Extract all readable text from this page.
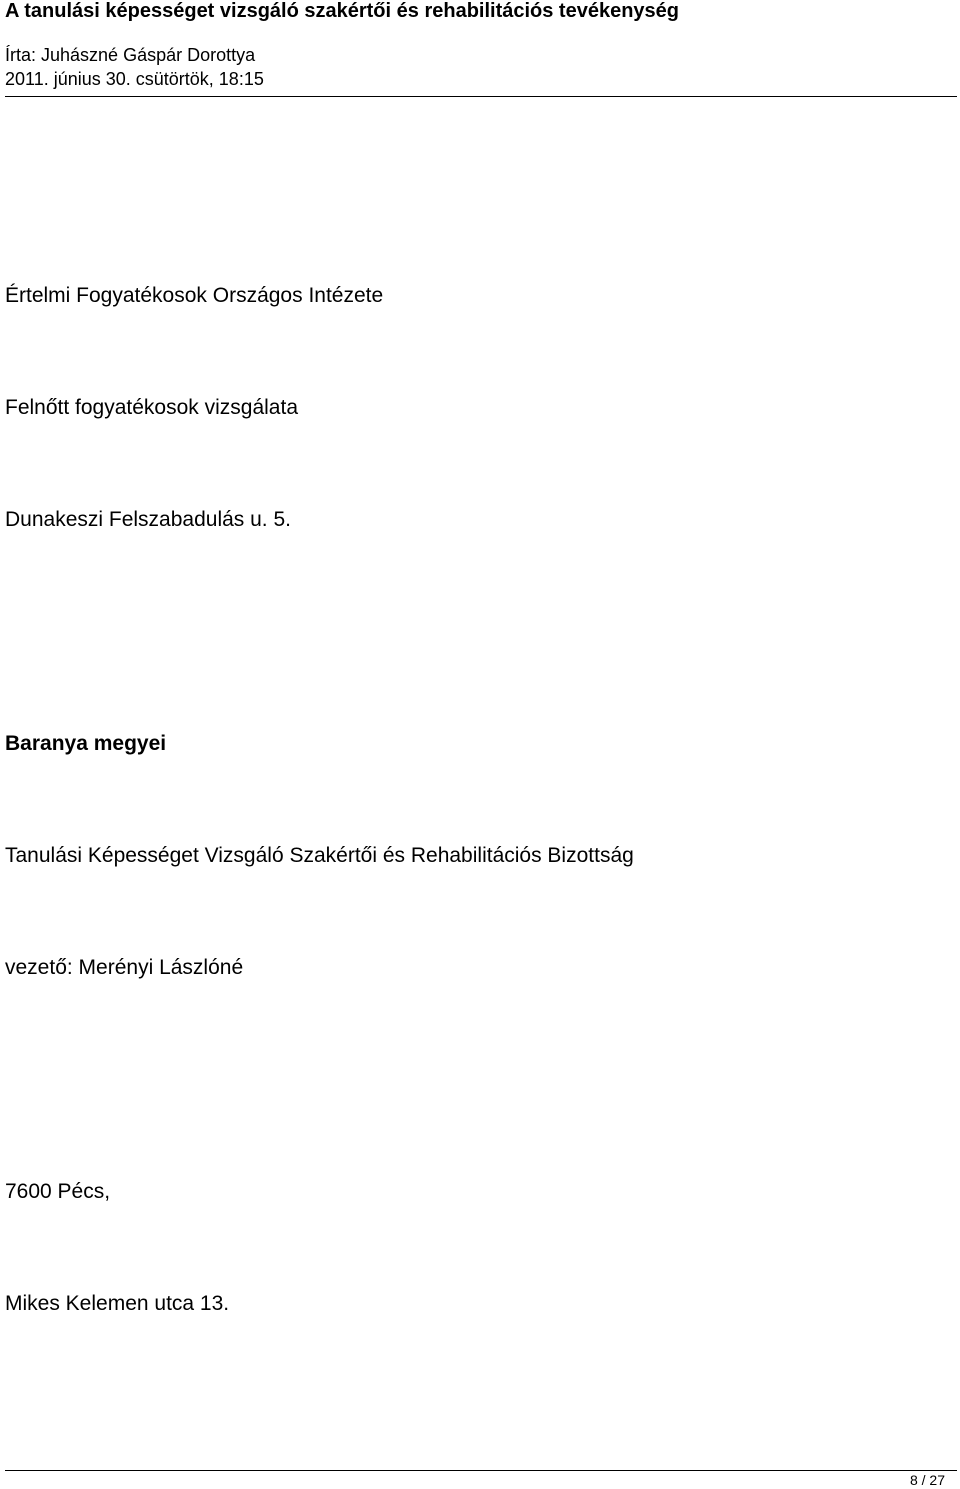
A tanulási képességet vizsgáló szakértői és rehabilitációs tevékenység
Írta: Juhászné Gáspár Dorottya
2011. június 30. csütörtök, 18:15
Értelmi Fogyatékosok Országos Intézete
Felnőtt fogyatékosok vizsgálata
Dunakeszi Felszabadulás u. 5.
Baranya megyei
Tanulási Képességet Vizsgáló Szakértői és Rehabilitációs Bizottság
vezető: Merényi Lászlóné
7600 Pécs,
Mikes Kelemen utca 13.
8 / 27
